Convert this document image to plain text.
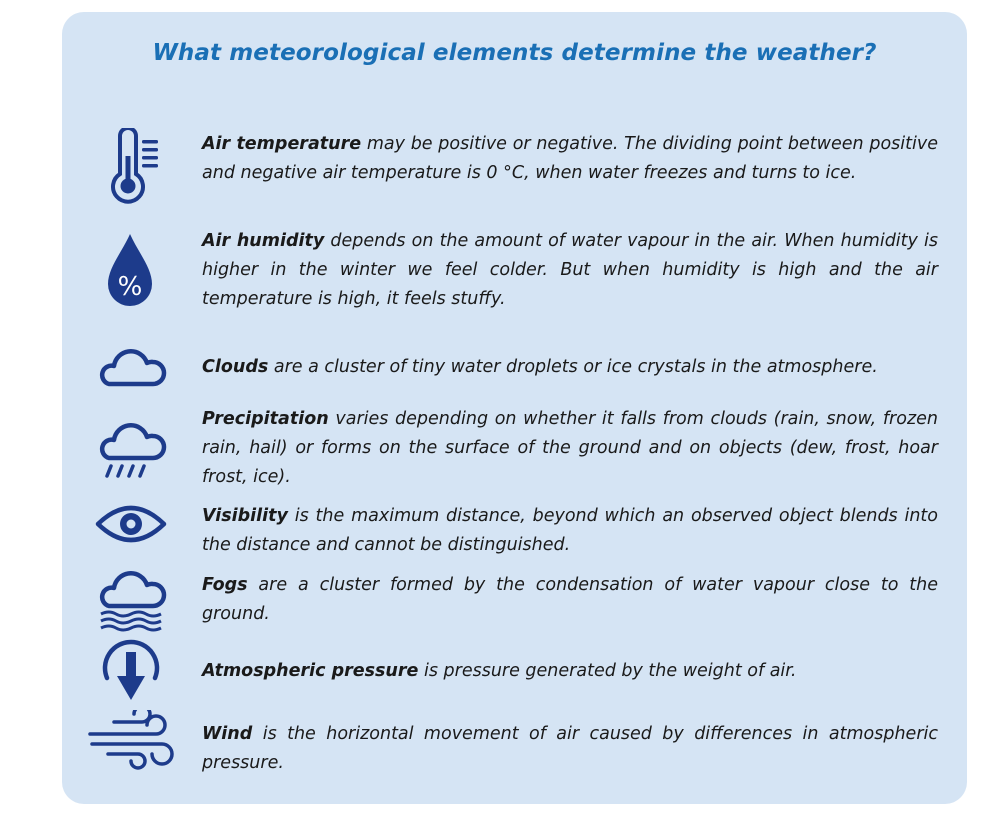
What meteorological elements determine the weather?
Air temperature may be positive or negative. The dividing point between positive and negative air temperature is 0 °C, when water freezes and turns to ice.
%
Air humidity depends on the amount of water vapour in the air. When humidity is higher in the winter we feel colder. But when humidity is high and the air temperature is high, it feels stuffy.
Clouds are a cluster of tiny water droplets or ice crystals in the atmosphere.
Precipitation varies depending on whether it falls from clouds (rain, snow, frozen rain, hail) or forms on the surface of the ground and on objects (dew, frost, hoar frost, ice).
Visibility is the maximum distance, beyond which an observed object blends into the distance and cannot be distinguished.
Fogs are a cluster formed by the condensation of water vapour close to the ground.
Atmospheric pressure is pressure generated by the weight of air.
Wind is the horizontal movement of air caused by differences in atmospheric pressure.
